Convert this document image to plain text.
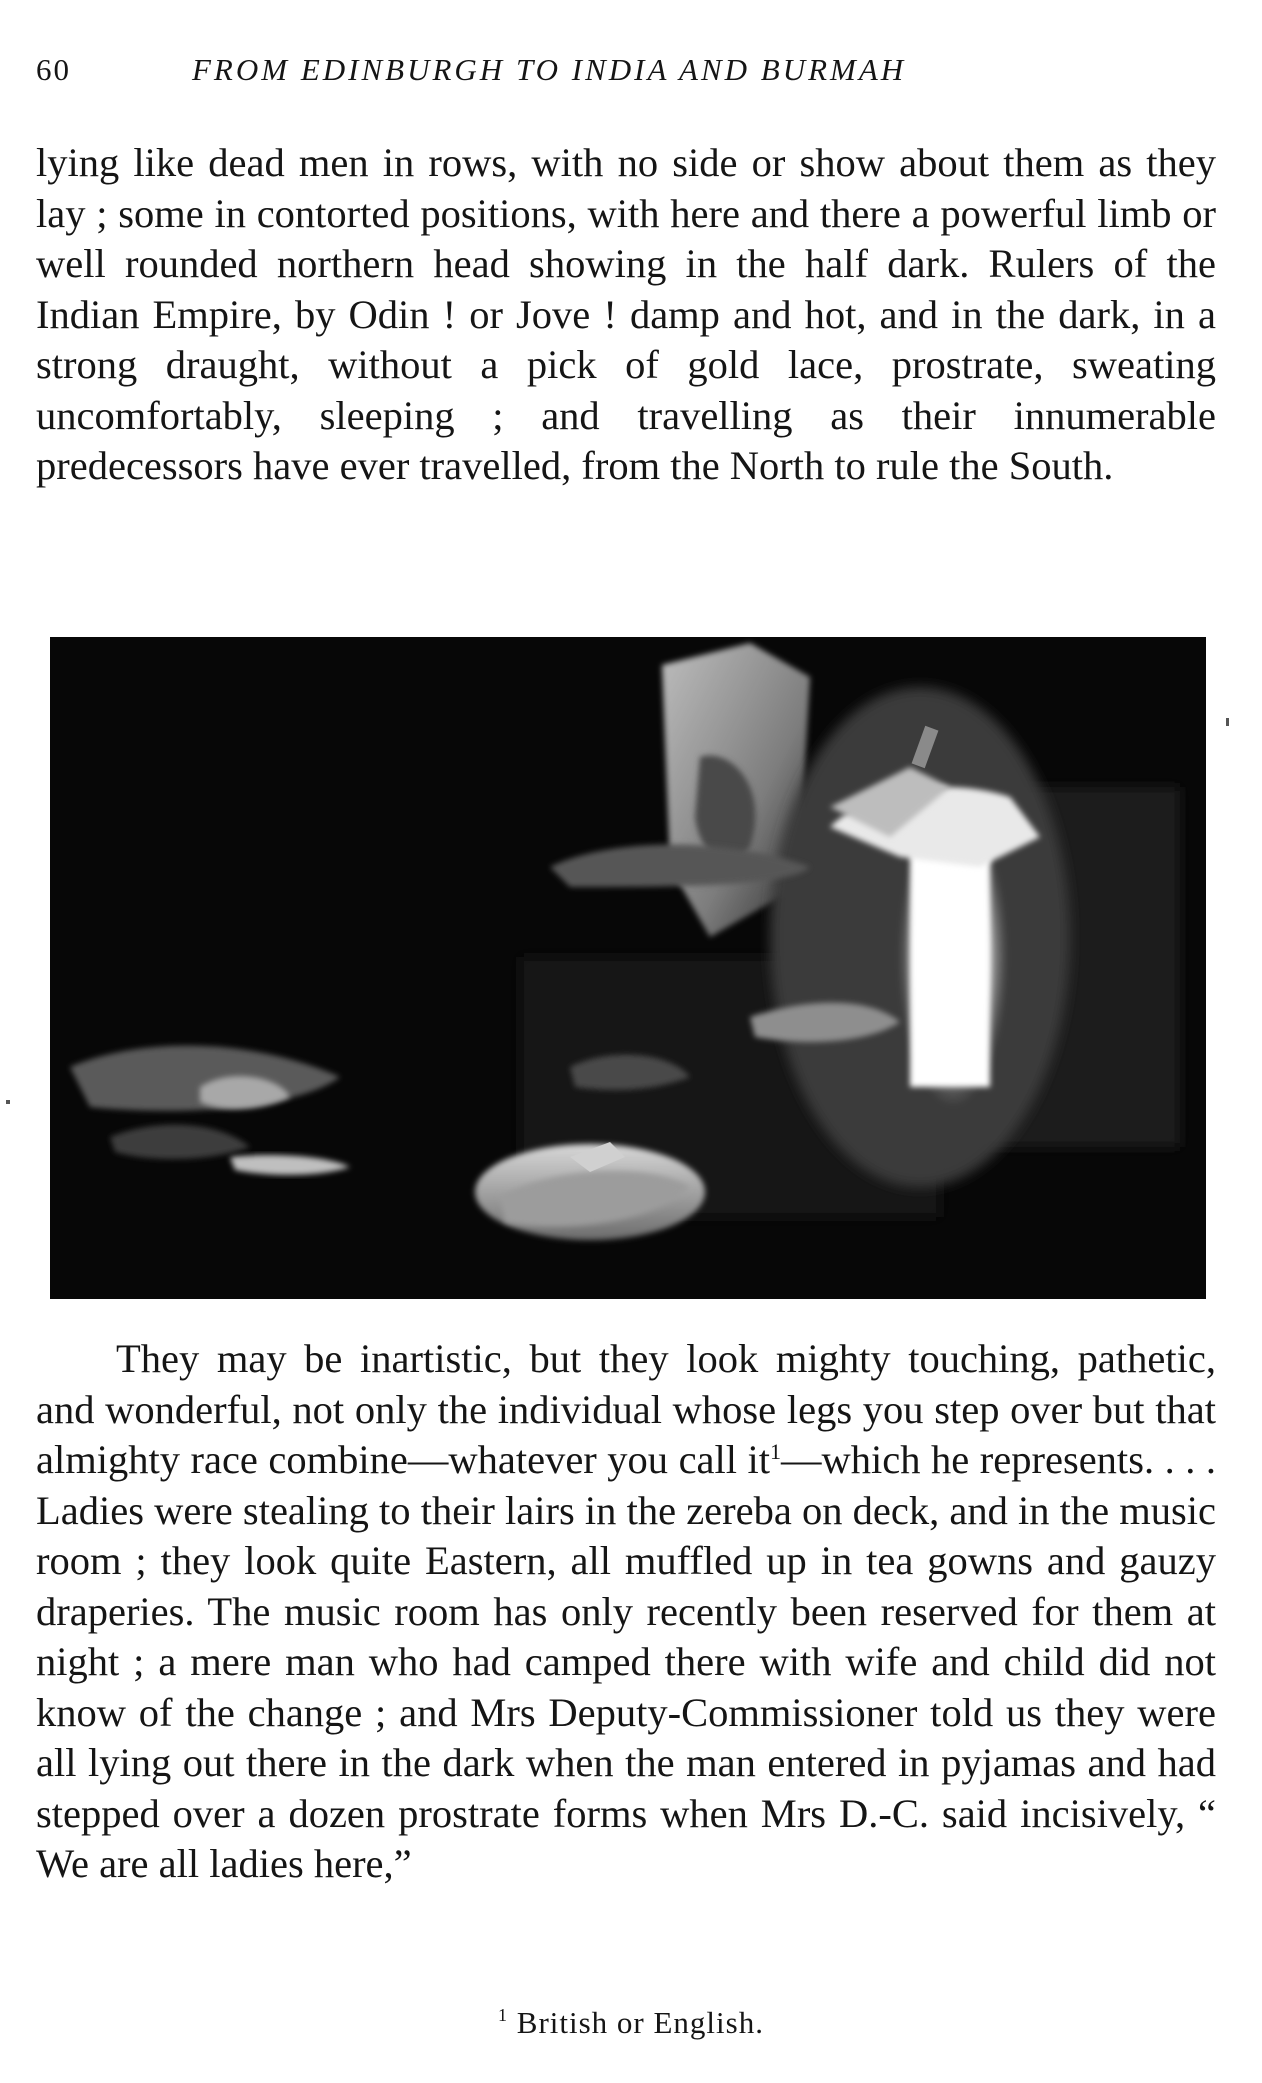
60	FROM EDINBURGH TO INDIA AND BURMAH

lying like dead men in rows, with no side or show about them as they lay ; some in contorted positions, with here and there a powerful limb or well rounded northern head showing in the half dark. Rulers of the Indian Empire, by Odin ! or Jove ! damp and hot, and in the dark, in a strong draught, without a pick of gold lace, prostrate, sweating uncomfortably, sleeping ; and travelling as their innumerable predecessors have ever travelled, from the North to rule the South.

They may be inartistic, but they look mighty touching, pathetic, and wonderful, not only the individual whose legs you step over but that almighty race combine—whatever you call it$^1$—which he represents. . . . Ladies were stealing to their lairs in the zereba on deck, and in the music room ; they look quite Eastern, all muffled up in tea gowns and gauzy draperies. The music room has only recently been reserved for them at night ; a mere man who had camped there with wife and child did not know of the change ; and Mrs Deputy-Commissioner told us they were all lying out there in the dark when the man entered in pyjamas and had stepped over a dozen prostrate forms when Mrs D.-C. said incisively, “ We are all ladies here,”

$^1$ British or English.
